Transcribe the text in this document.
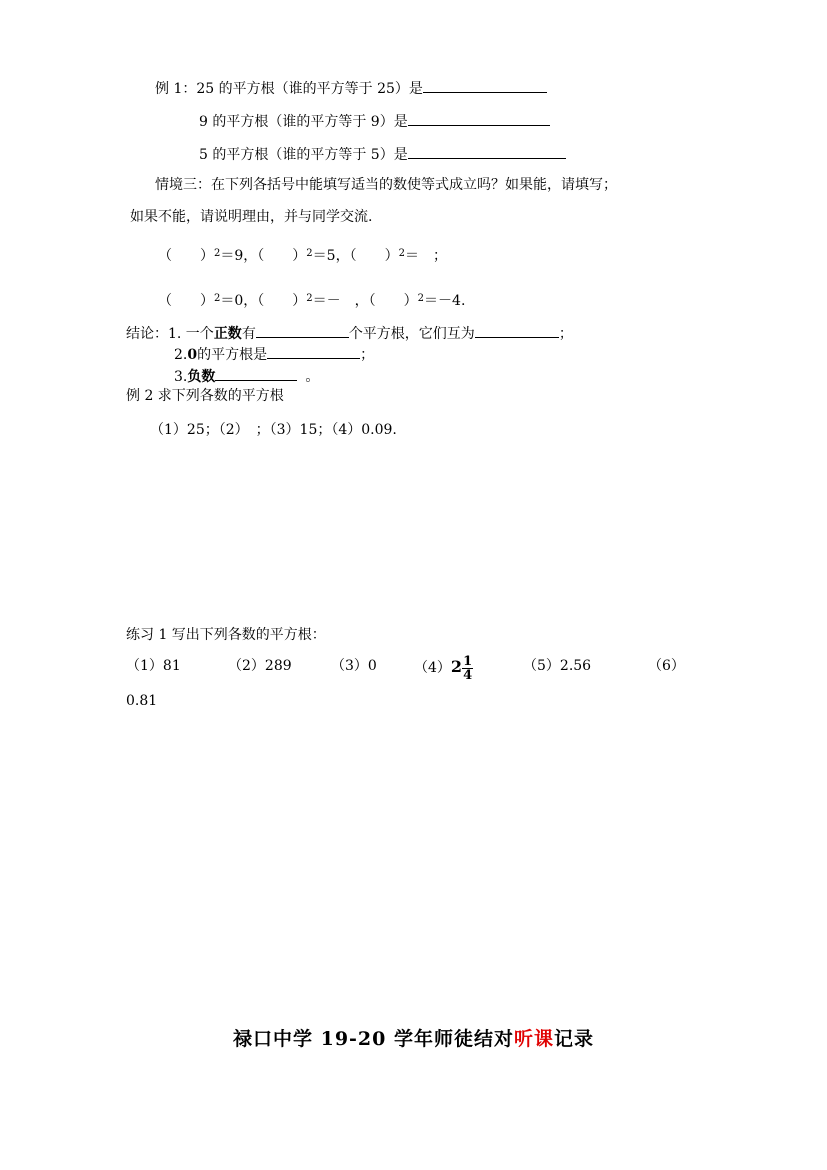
例 1：25 的平方根（谁的平方等于 25）是
9 的平方根（谁的平方等于 9）是
5 的平方根（谁的平方等于 5）是
情境三：在下列各括号中能填写适当的数使等式成立吗？如果能，请填写；
如果不能，请说明理由，并与同学交流.
（　　）$^2$＝9，（　　）$^2$＝5，（　　）$^2$＝　；
（　　）$^2$＝0，（　　）$^2$＝－　，（　　）$^2$＝－4.
结论：1. 一个正数有	个平方根，它们互为	；
2.0的平方根是	；
3.负数	。
例 2 求下列各数的平方根
（1）25；（2）　；（3）15；（4）0.09.
练习 1 写出下列各数的平方根：
（1）81	（2）289	（3）0	$(4)2 \frac{1}{4}$	（5）2.56	（6）
0.81
禄口中学 19-20 学年师徒结对听课记录
